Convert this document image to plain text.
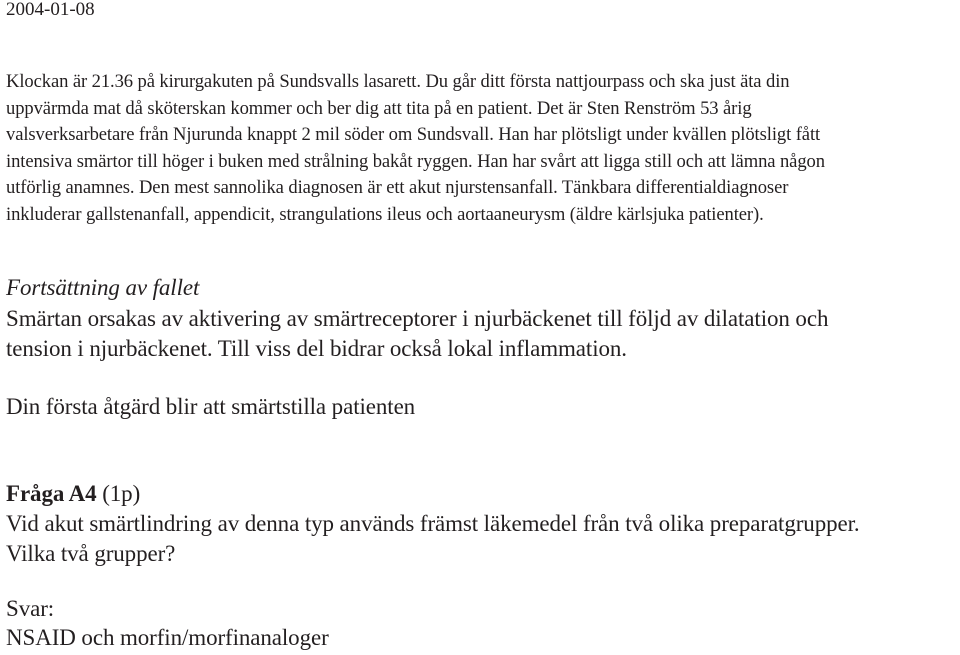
2004-01-08

Klockan är 21.36 på kirurgakuten på Sundsvalls lasarett. Du går ditt första nattjourpass och ska just äta din
uppvärmda mat då sköterskan kommer och ber dig att tita på en patient. Det är Sten Renström 53 årig
valsverksarbetare från Njurunda knappt 2 mil söder om Sundsvall. Han har plötsligt under kvällen plötsligt fått
intensiva smärtor till höger i buken med strålning bakåt ryggen. Han har svårt att ligga still och att lämna någon
utförlig anamnes. Den mest sannolika diagnosen är ett akut njurstensanfall. Tänkbara differentialdiagnoser
inkluderar gallstenanfall, appendicit, strangulations ileus och aortaaneurysm (äldre kärlsjuka patienter).

Fortsättning av fallet
Smärtan orsakas av aktivering av smärtreceptorer i njurbäckenet till följd av dilatation och
tension i njurbäckenet. Till viss del bidrar också lokal inflammation.
Din första åtgärd blir att smärtstilla patienten
Fråga A4 (1p)
Vid akut smärtlindring av denna typ används främst läkemedel från två olika preparatgrupper.
Vilka två grupper?
Svar:
NSAID och morfin/morfinanaloger
